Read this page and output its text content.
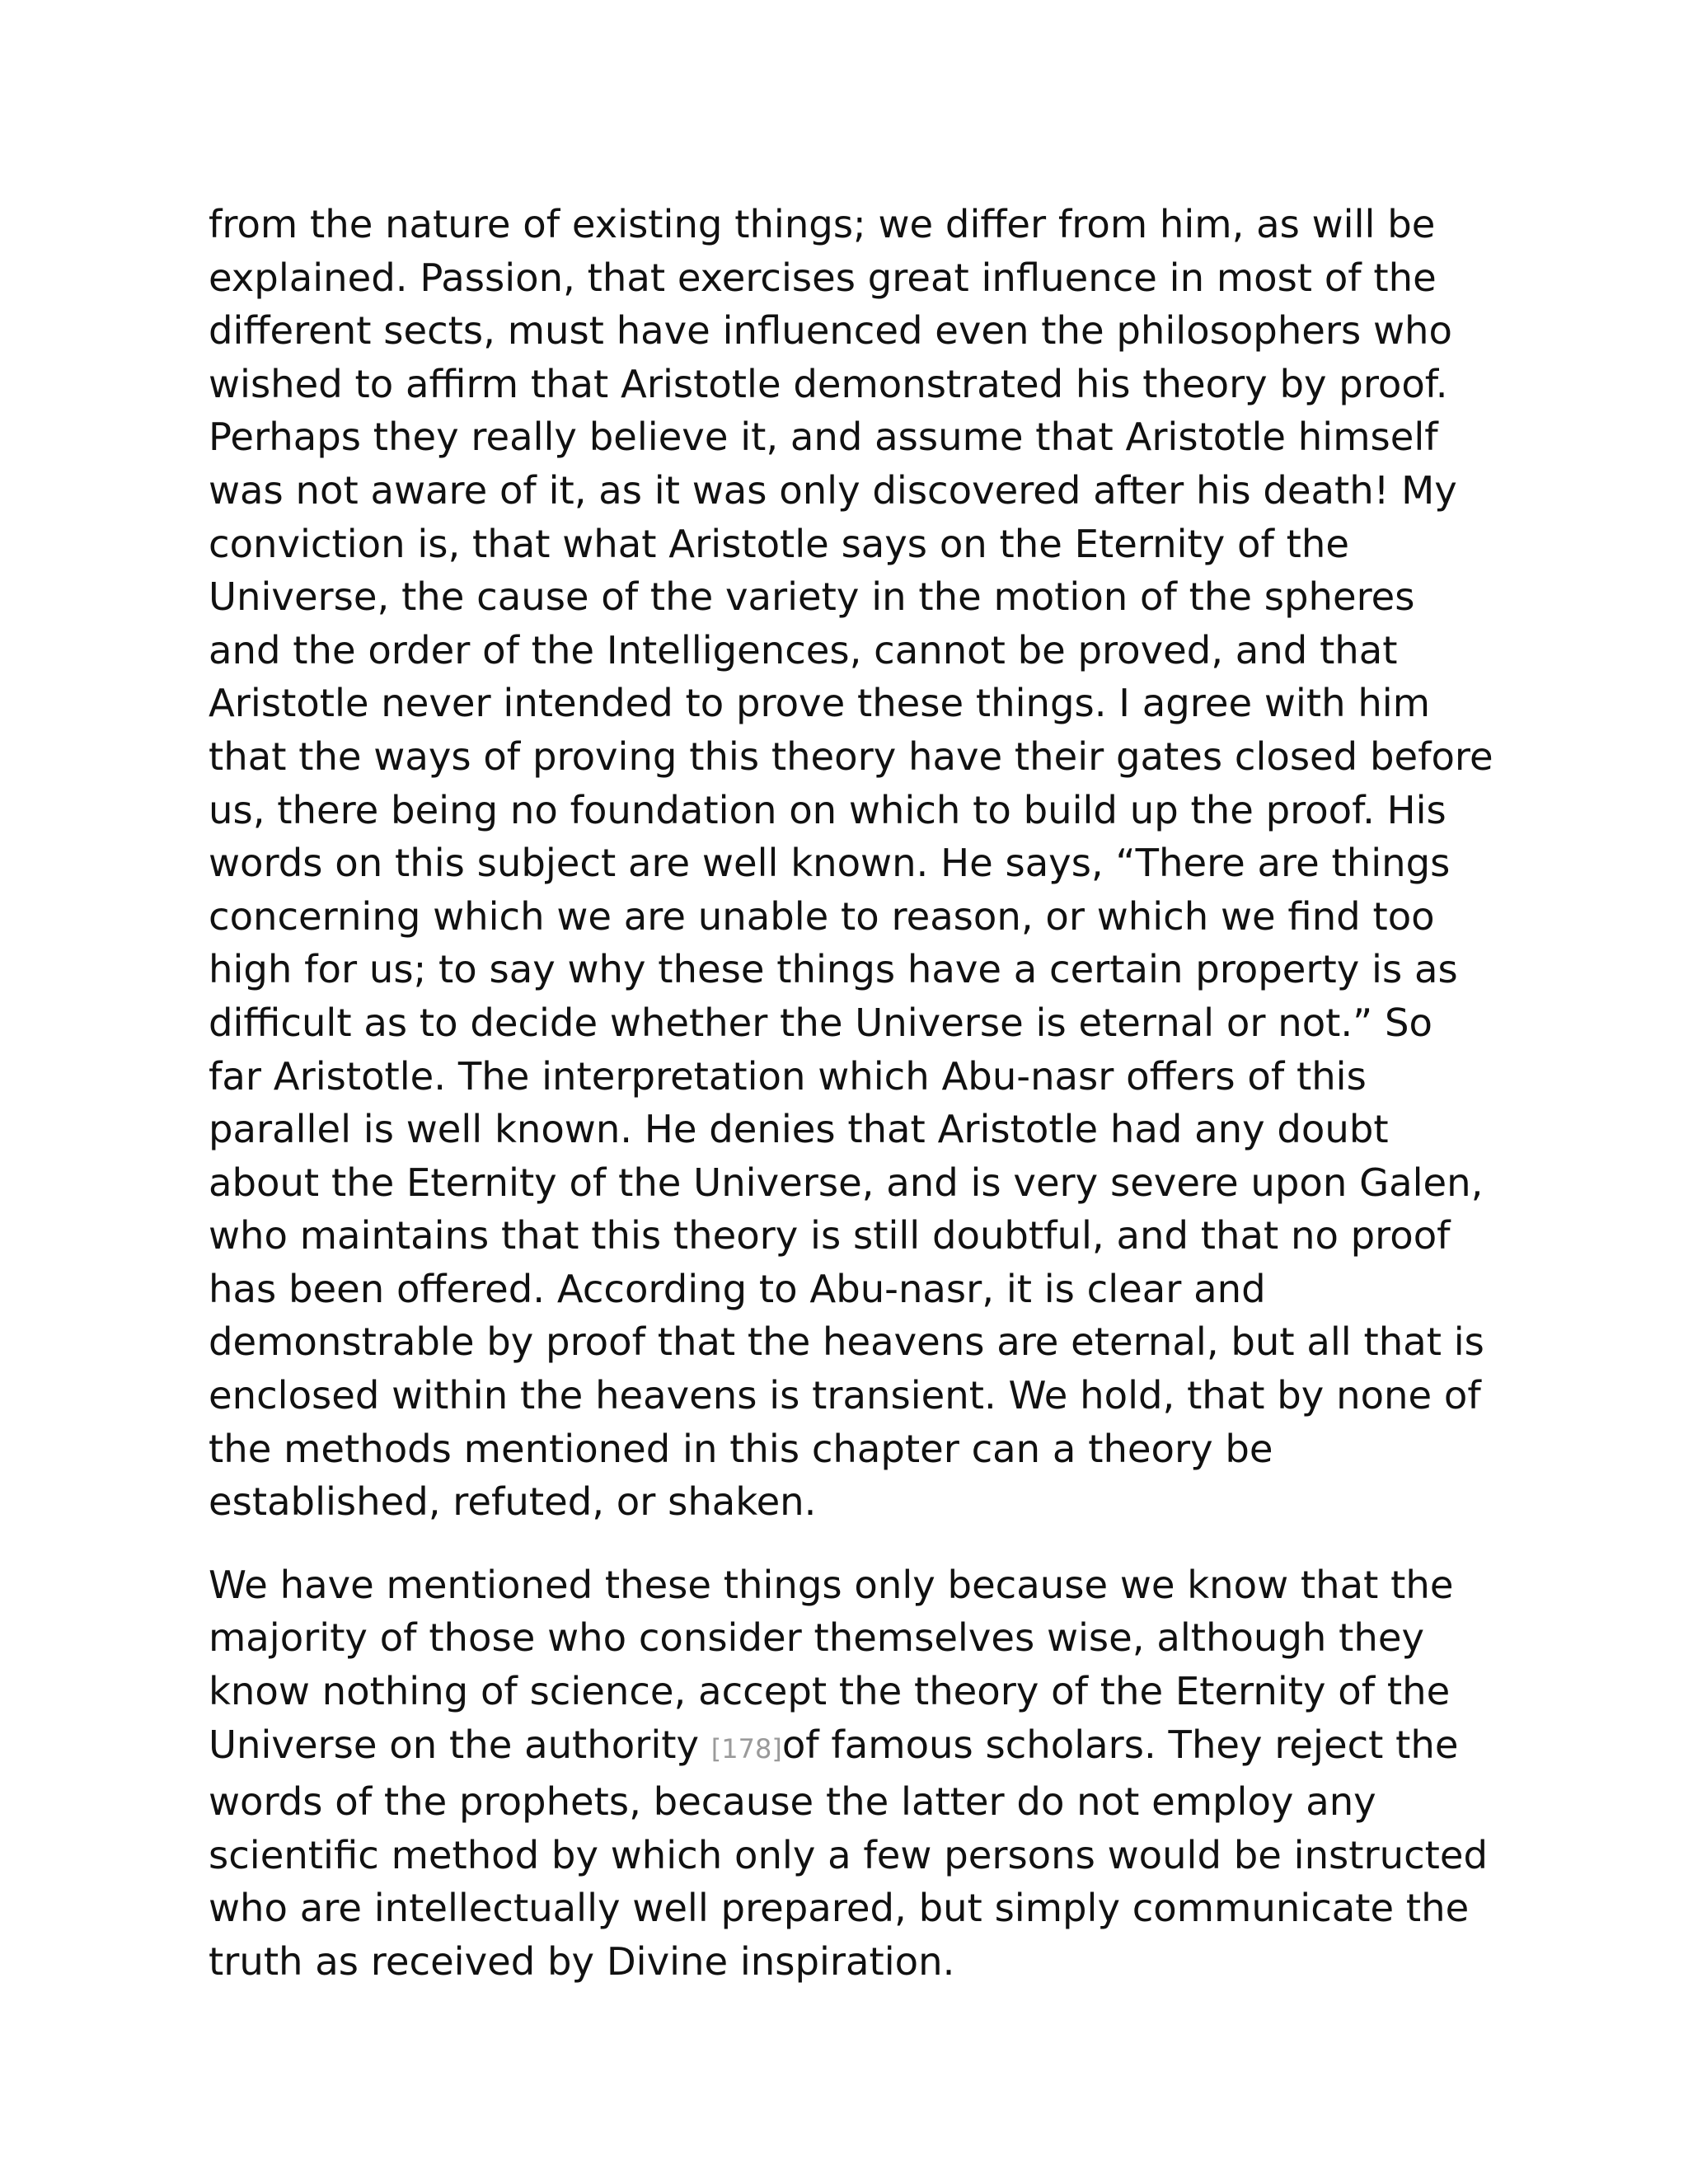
from the nature of existing things; we differ from him, as will be explained. Passion, that exercises great influence in most of the different sects, must have influenced even the philosophers who wished to affirm that Aristotle demonstrated his theory by proof. Perhaps they really believe it, and assume that Aristotle himself was not aware of it, as it was only discovered after his death! My conviction is, that what Aristotle says on the Eternity of the Universe, the cause of the variety in the motion of the spheres and the order of the Intelligences, cannot be proved, and that Aristotle never intended to prove these things. I agree with him that the ways of proving this theory have their gates closed before us, there being no foundation on which to build up the proof. His words on this subject are well known. He says, “There are things concerning which we are unable to reason, or which we find too high for us; to say why these things have a certain property is as difficult as to decide whether the Universe is eternal or not.” So far Aristotle. The interpretation which Abu-nasr offers of this parallel is well known. He denies that Aristotle had any doubt about the Eternity of the Universe, and is very severe upon Galen, who maintains that this theory is still doubtful, and that no proof has been offered. According to Abu-nasr, it is clear and demonstrable by proof that the heavens are eternal, but all that is enclosed within the heavens is transient. We hold, that by none of the methods mentioned in this chapter can a theory be established, refuted, or shaken.

We have mentioned these things only because we know that the majority of those who consider themselves wise, although they know nothing of science, accept the theory of the Eternity of the Universe on the authority [178]of famous scholars. They reject the words of the prophets, because the latter do not employ any scientific method by which only a few persons would be instructed who are intellectually well prepared, but simply communicate the truth as received by Divine inspiration.
